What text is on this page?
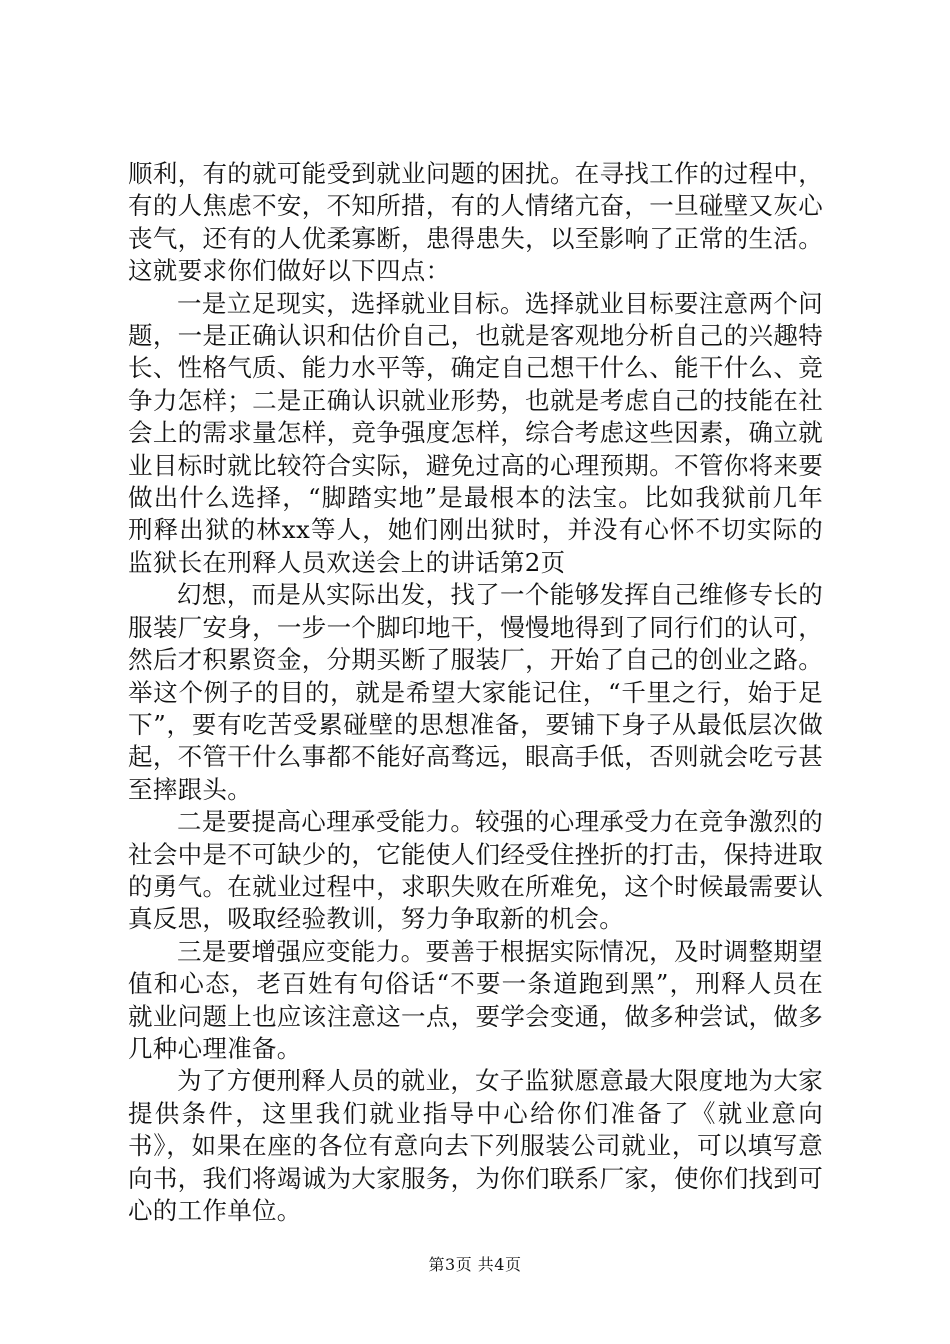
顺利，有的就可能受到就业问题的困扰。在寻找工作的过程中，有的人焦虑不安，不知所措，有的人情绪亢奋，一旦碰壁又灰心丧气，还有的人优柔寡断，患得患失，以至影响了正常的生活。这就要求你们做好以下四点：

一是立足现实，选择就业目标。选择就业目标要注意两个问题，一是正确认识和估价自己，也就是客观地分析自己的兴趣特长、性格气质、能力水平等，确定自己想干什么、能干什么、竞争力怎样；二是正确认识就业形势，也就是考虑自己的技能在社会上的需求量怎样，竞争强度怎样，综合考虑这些因素，确立就业目标时就比较符合实际，避免过高的心理预期。不管你将来要做出什么选择，“脚踏实地”是最根本的法宝。比如我狱前几年刑释出狱的林xx等人，她们刚出狱时，并没有心怀不切实际的监狱长在刑释人员欢送会上的讲话第2页

幻想，而是从实际出发，找了一个能够发挥自己维修专长的服装厂安身，一步一个脚印地干，慢慢地得到了同行们的认可，然后才积累资金，分期买断了服装厂，开始了自己的创业之路。举这个例子的目的，就是希望大家能记住，“千里之行，始于足下”，要有吃苦受累碰壁的思想准备，要铺下身子从最低层次做起，不管干什么事都不能好高骛远，眼高手低，否则就会吃亏甚至摔跟头。

二是要提高心理承受能力。较强的心理承受力在竞争激烈的社会中是不可缺少的，它能使人们经受住挫折的打击，保持进取的勇气。在就业过程中，求职失败在所难免，这个时候最需要认真反思，吸取经验教训，努力争取新的机会。

三是要增强应变能力。要善于根据实际情况，及时调整期望值和心态，老百姓有句俗话“不要一条道跑到黑”，刑释人员在就业问题上也应该注意这一点，要学会变通，做多种尝试，做多几种心理准备。

为了方便刑释人员的就业，女子监狱愿意最大限度地为大家提供条件，这里我们就业指导中心给你们准备了《就业意向书》，如果在座的各位有意向去下列服装公司就业，可以填写意向书，我们将竭诚为大家服务，为你们联系厂家，使你们找到可心的工作单位。

第3页 共4页
